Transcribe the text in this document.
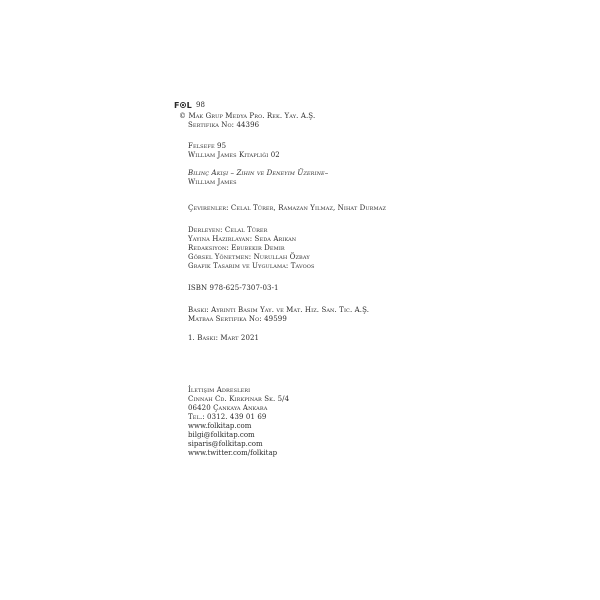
F L 98
© Mak Grup Medya Pro. Rek. Yay. A.Ş.
Sertifika No: 44396
Felsefe 95
William James Kitaplığı 02
Bilinç Akışı – Zihin ve Deneyim Üzerine–
William James
Çevirenler: Celal Türer, Ramazan Yılmaz, Nihat Durmaz
Derleyen: Celal Türer
Yayına Hazırlayan: Seda Arıkan
Redaksiyon: Ebubekir Demir
Görsel Yönetmen: Nurullah Özbay
Grafik Tasarım ve Uygulama: Tavoos
ISBN 978-625-7307-03-1
Baskı: Ayrıntı Basım Yay. ve Mat. Hiz. San. Tic. A.Ş.
Matbaa Sertifika No: 49599
1. Baskı: Mart 2021
İletişim Adresleri
Cinnah Cd. Kırkpınar Sk. 5/4
06420 Çankaya Ankara
Tel.: 0312. 439 01 69
www.folkitap.com
bilgi@folkitap.com
siparis@folkitap.com
www.twitter.com/folkitap
